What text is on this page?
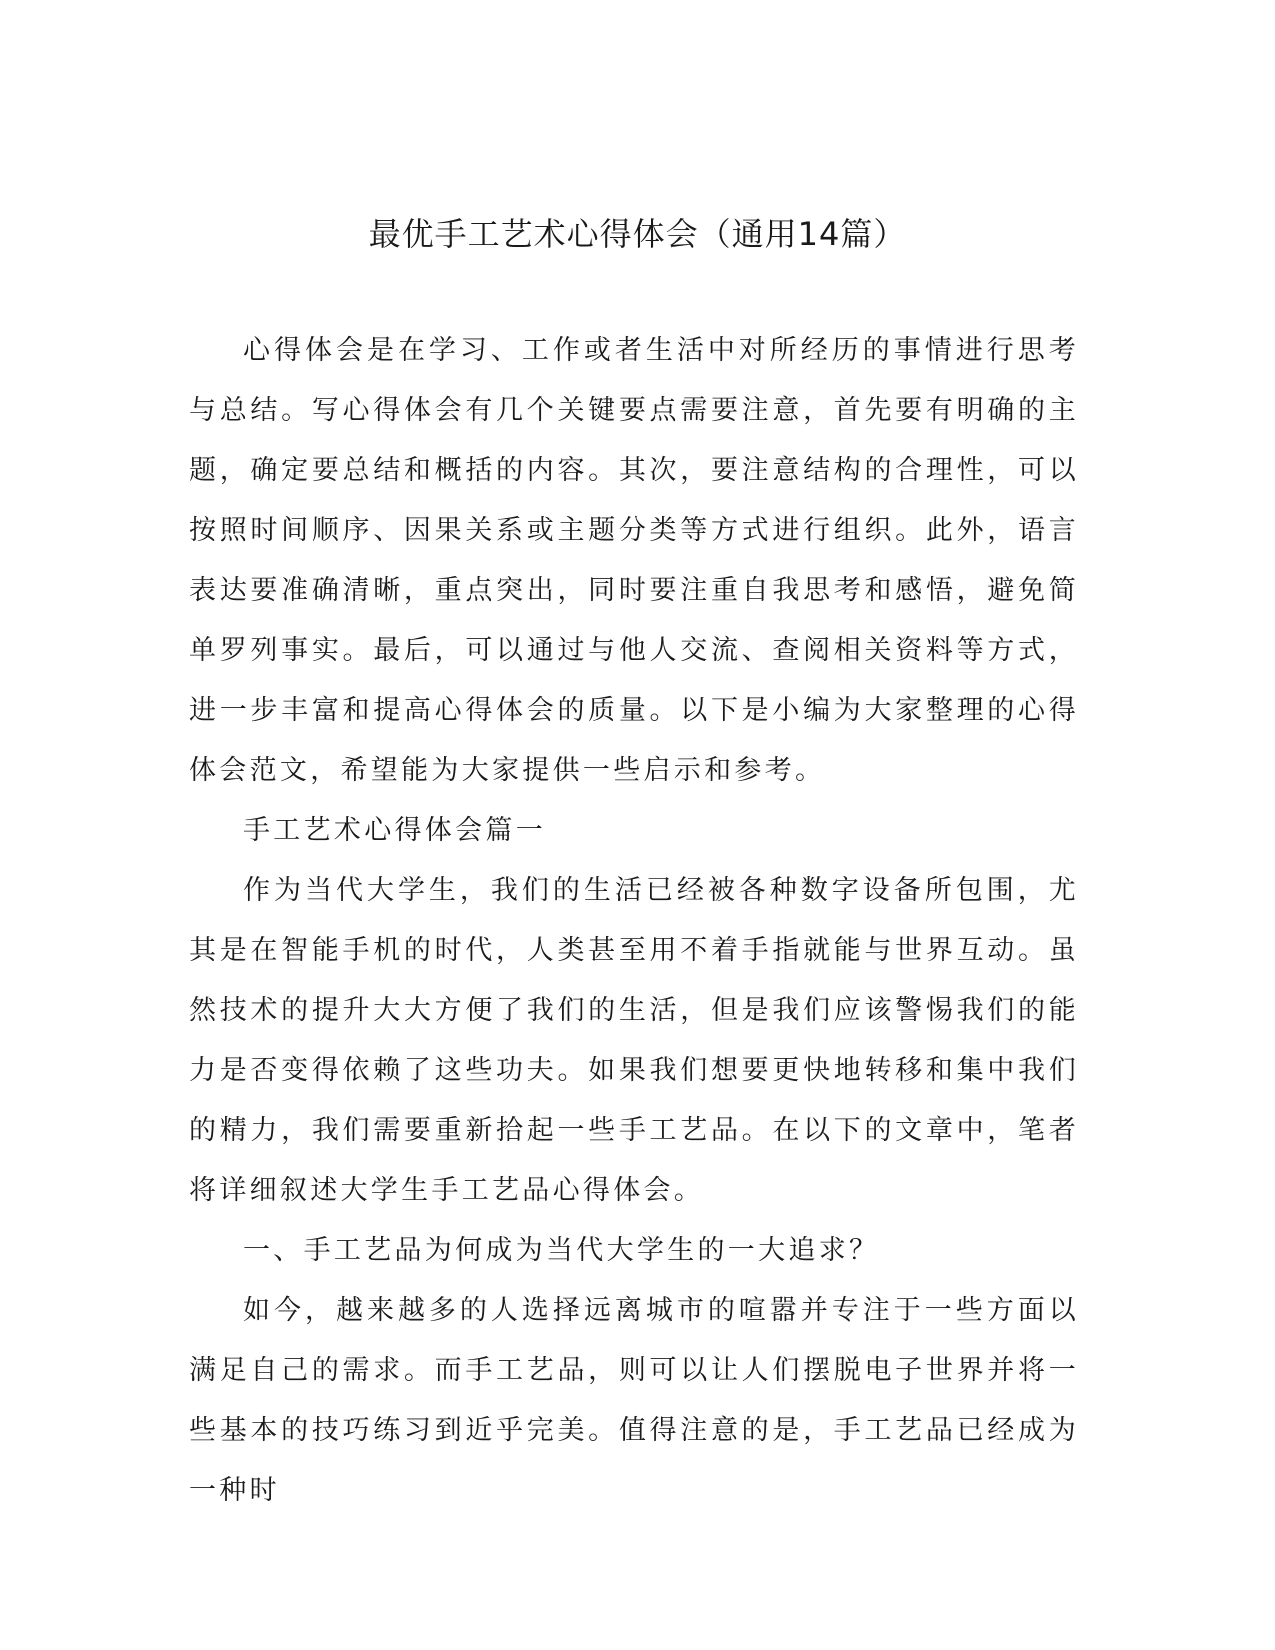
最优手工艺术心得体会（通用14篇）

心得体会是在学习、工作或者生活中对所经历的事情进行思考与总结。写心得体会有几个关键要点需要注意，首先要有明确的主题，确定要总结和概括的内容。其次，要注意结构的合理性，可以按照时间顺序、因果关系或主题分类等方式进行组织。此外，语言表达要准确清晰，重点突出，同时要注重自我思考和感悟，避免简单罗列事实。最后，可以通过与他人交流、查阅相关资料等方式，进一步丰富和提高心得体会的质量。以下是小编为大家整理的心得体会范文，希望能为大家提供一些启示和参考。

手工艺术心得体会篇一

作为当代大学生，我们的生活已经被各种数字设备所包围，尤其是在智能手机的时代，人类甚至用不着手指就能与世界互动。虽然技术的提升大大方便了我们的生活，但是我们应该警惕我们的能力是否变得依赖了这些功夫。如果我们想要更快地转移和集中我们的精力，我们需要重新拾起一些手工艺品。在以下的文章中，笔者将详细叙述大学生手工艺品心得体会。

一、手工艺品为何成为当代大学生的一大追求？

如今，越来越多的人选择远离城市的喧嚣并专注于一些方面以满足自己的需求。而手工艺品，则可以让人们摆脱电子世界并将一些基本的技巧练习到近乎完美。值得注意的是，手工艺品已经成为一种时
